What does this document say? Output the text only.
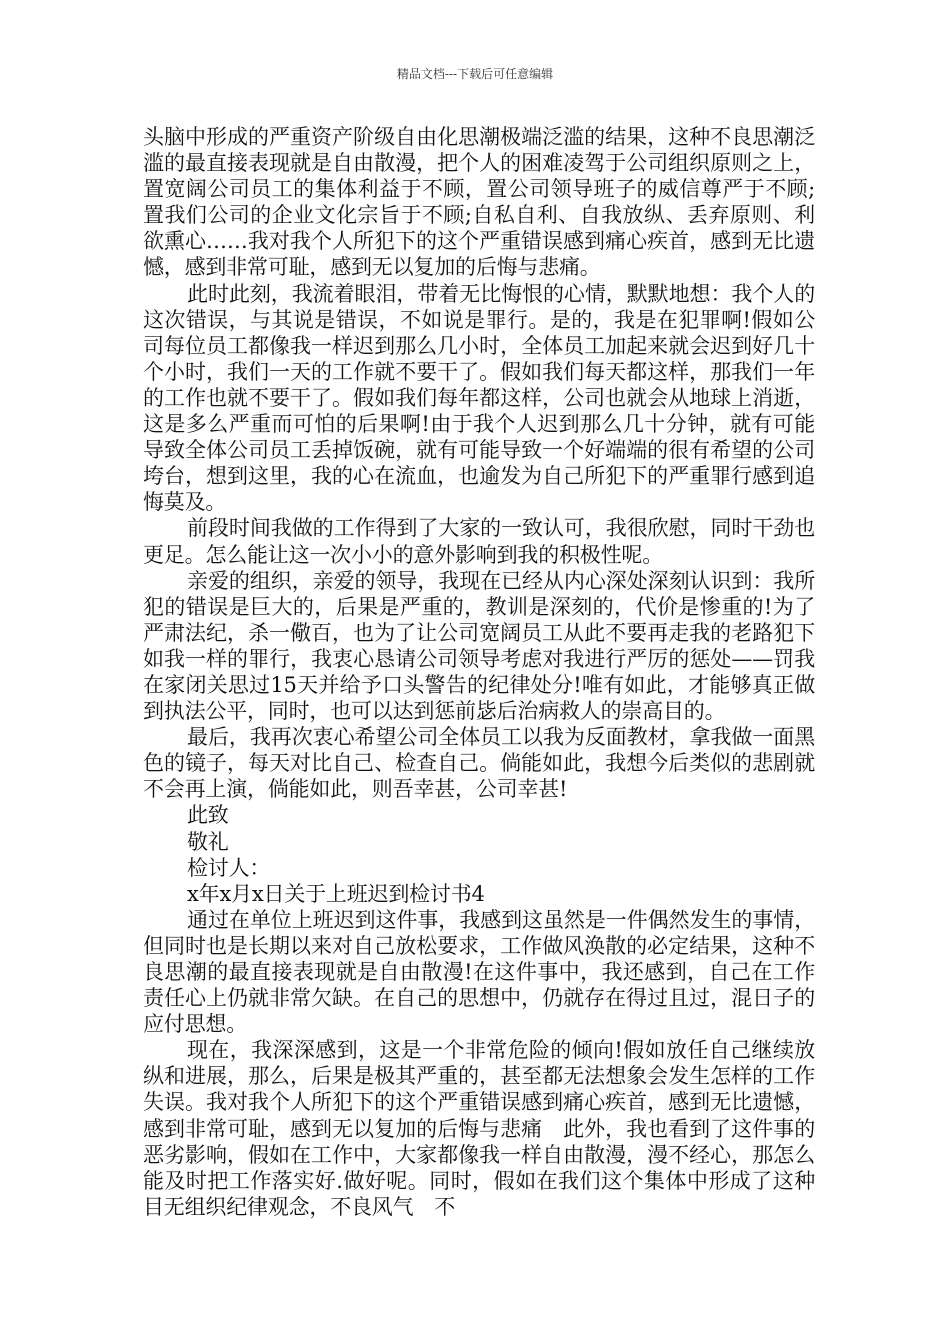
精品文档---下载后可任意编辑

头脑中形成的严重资产阶级自由化思潮极端泛滥的结果，这种不良思潮泛滥的最直接表现就是自由散漫，把个人的困难凌驾于公司组织原则之上，置宽阔公司员工的集体利益于不顾，置公司领导班子的威信尊严于不顾;置我们公司的企业文化宗旨于不顾;自私自利、自我放纵、丢弃原则、利欲熏心……我对我个人所犯下的这个严重错误感到痛心疾首，感到无比遗憾，感到非常可耻，感到无以复加的后悔与悲痛。

此时此刻，我流着眼泪，带着无比悔恨的心情，默默地想：我个人的这次错误，与其说是错误，不如说是罪行。是的，我是在犯罪啊!假如公司每位员工都像我一样迟到那么几小时，全体员工加起来就会迟到好几十个小时，我们一天的工作就不要干了。假如我们每天都这样，那我们一年的工作也就不要干了。假如我们每年都这样，公司也就会从地球上消逝，这是多么严重而可怕的后果啊!由于我个人迟到那么几十分钟，就有可能导致全体公司员工丢掉饭碗，就有可能导致一个好端端的很有希望的公司垮台，想到这里，我的心在流血，也逾发为自己所犯下的严重罪行感到追悔莫及。

前段时间我做的工作得到了大家的一致认可，我很欣慰，同时干劲也更足。怎么能让这一次小小的意外影响到我的积极性呢。

亲爱的组织，亲爱的领导，我现在已经从内心深处深刻认识到：我所犯的错误是巨大的，后果是严重的，教训是深刻的，代价是惨重的!为了严肃法纪，杀一儆百，也为了让公司宽阔员工从此不要再走我的老路犯下如我一样的罪行，我衷心恳请公司领导考虑对我进行严厉的惩处——罚我在家闭关思过15天并给予口头警告的纪律处分!唯有如此，才能够真正做到执法公平，同时，也可以达到惩前毖后治病救人的崇高目的。

最后，我再次衷心希望公司全体员工以我为反面教材，拿我做一面黑色的镜子，每天对比自己、检查自己。倘能如此，我想今后类似的悲剧就不会再上演，倘能如此，则吾幸甚，公司幸甚!

此致

敬礼

检讨人：

x年x月x日关于上班迟到检讨书4

通过在单位上班迟到这件事，我感到这虽然是一件偶然发生的事情，但同时也是长期以来对自己放松要求，工作做风涣散的必定结果，这种不良思潮的最直接表现就是自由散漫!在这件事中，我还感到，自己在工作责任心上仍就非常欠缺。在自己的思想中，仍就存在得过且过，混日子的应付思想。

现在，我深深感到，这是一个非常危险的倾向!假如放任自己继续放纵和进展，那么，后果是极其严重的，甚至都无法想象会发生怎样的工作失误。我对我个人所犯下的这个严重错误感到痛心疾首，感到无比遗憾，感到非常可耻，感到无以复加的后悔与悲痛　此外，我也看到了这件事的恶劣影响，假如在工作中，大家都像我一样自由散漫，漫不经心，那怎么能及时把工作落实好.做好呢。同时，假如在我们这个集体中形成了这种目无组织纪律观念，不良风气　不
